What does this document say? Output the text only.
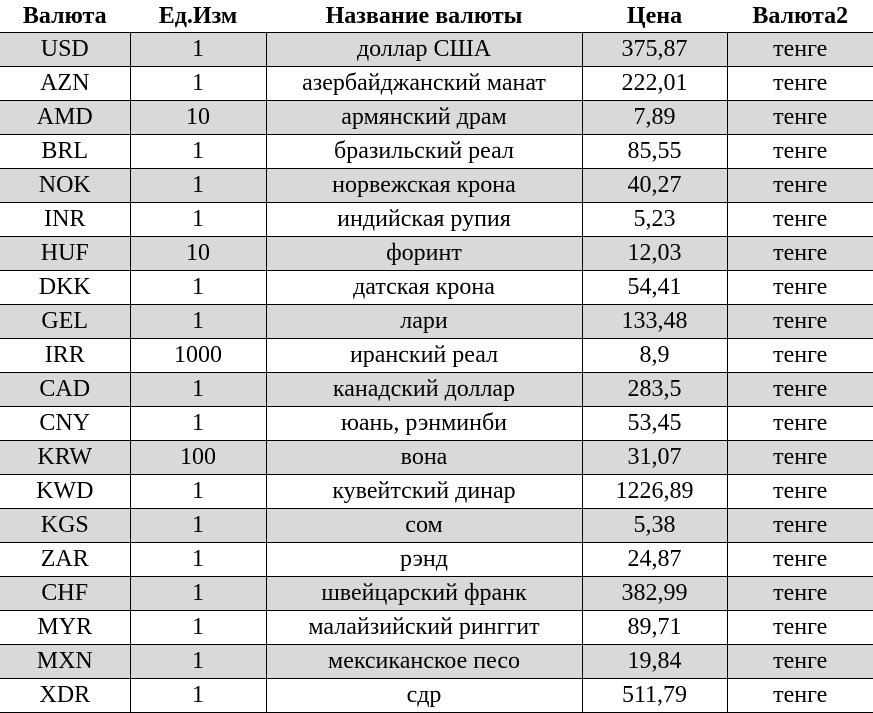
Валюта	Ед.Изм	Название валюты	Цена	Валюта2
USD	1	доллар США	375,87	тенге
AZN	1	азербайджанский манат	222,01	тенге
AMD	10	армянский драм	7,89	тенге
BRL	1	бразильский реал	85,55	тенге
NOK	1	норвежская крона	40,27	тенге
INR	1	индийская рупия	5,23	тенге
HUF	10	форинт	12,03	тенге
DKK	1	датская крона	54,41	тенге
GEL	1	лари	133,48	тенге
IRR	1000	иранский реал	8,9	тенге
CAD	1	канадский доллар	283,5	тенге
CNY	1	юань, рэнминби	53,45	тенге
KRW	100	вона	31,07	тенге
KWD	1	кувейтский динар	1226,89	тенге
KGS	1	сом	5,38	тенге
ZAR	1	рэнд	24,87	тенге
CHF	1	швейцарский франк	382,99	тенге
MYR	1	малайзийский ринггит	89,71	тенге
MXN	1	мексиканское песо	19,84	тенге
XDR	1	сдр	511,79	тенге
